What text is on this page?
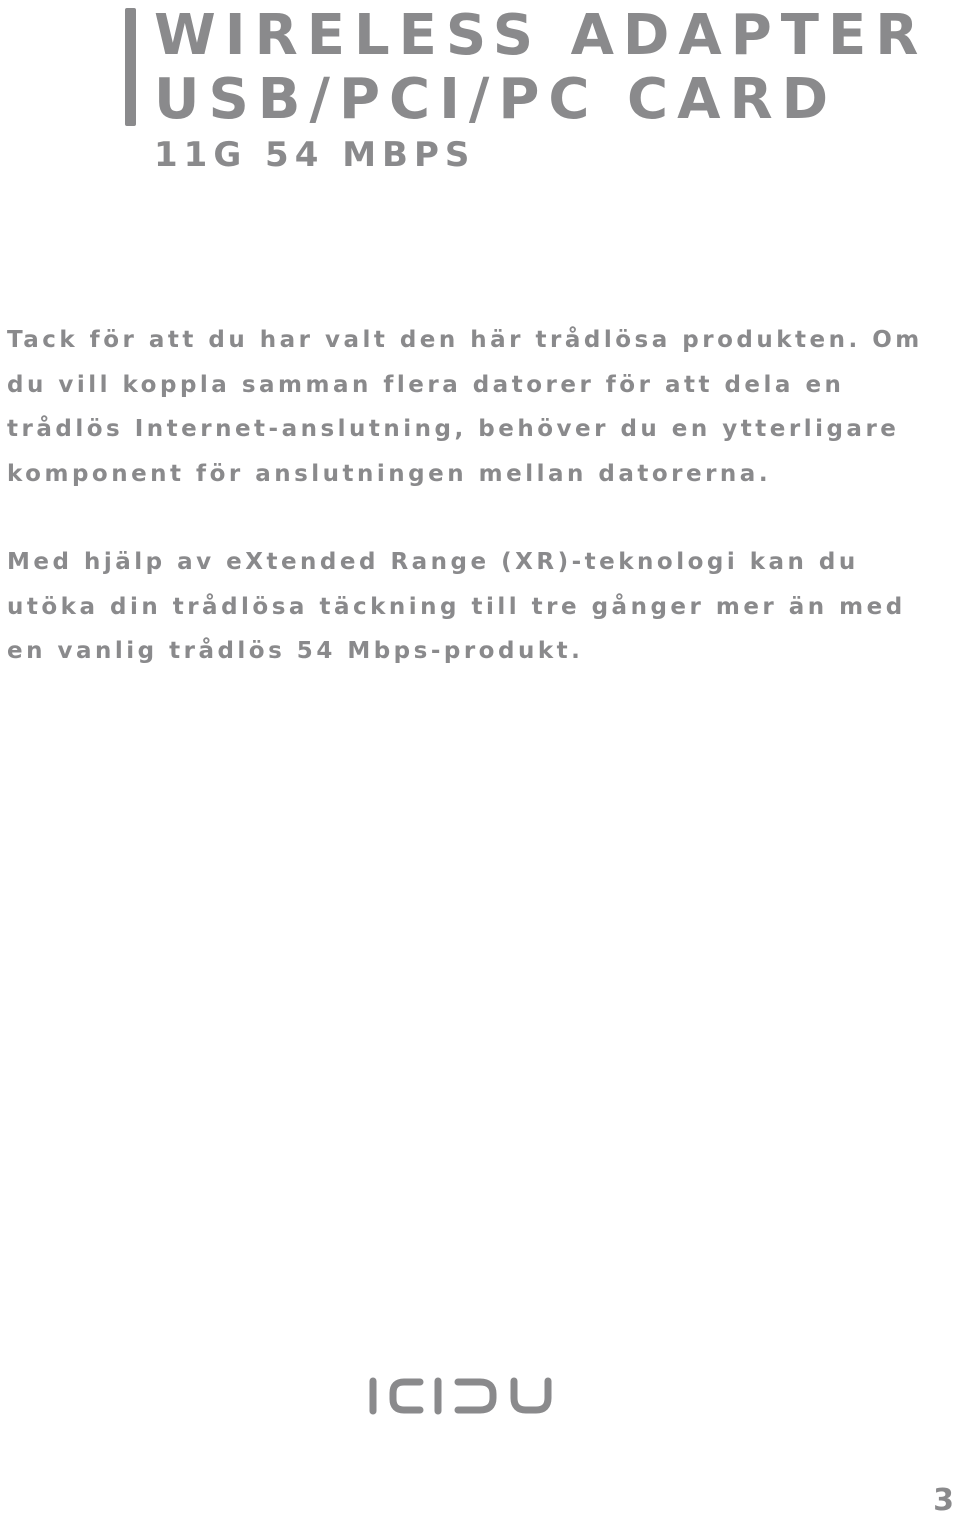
WIRELESS ADAPTER
USB/PCI/PC CARD
11G 54 MBPS

Tack för att du har valt den här trådlösa produkten. Om du vill koppla samman flera datorer för att dela en trådlös Internet-anslutning, behöver du en ytterligare komponent för anslutningen mellan datorerna.

Med hjälp av eXtended Range (XR)-teknologi kan du utöka din trådlösa täckning till tre gånger mer än med en vanlig trådlös 54 Mbps-produkt.

3
